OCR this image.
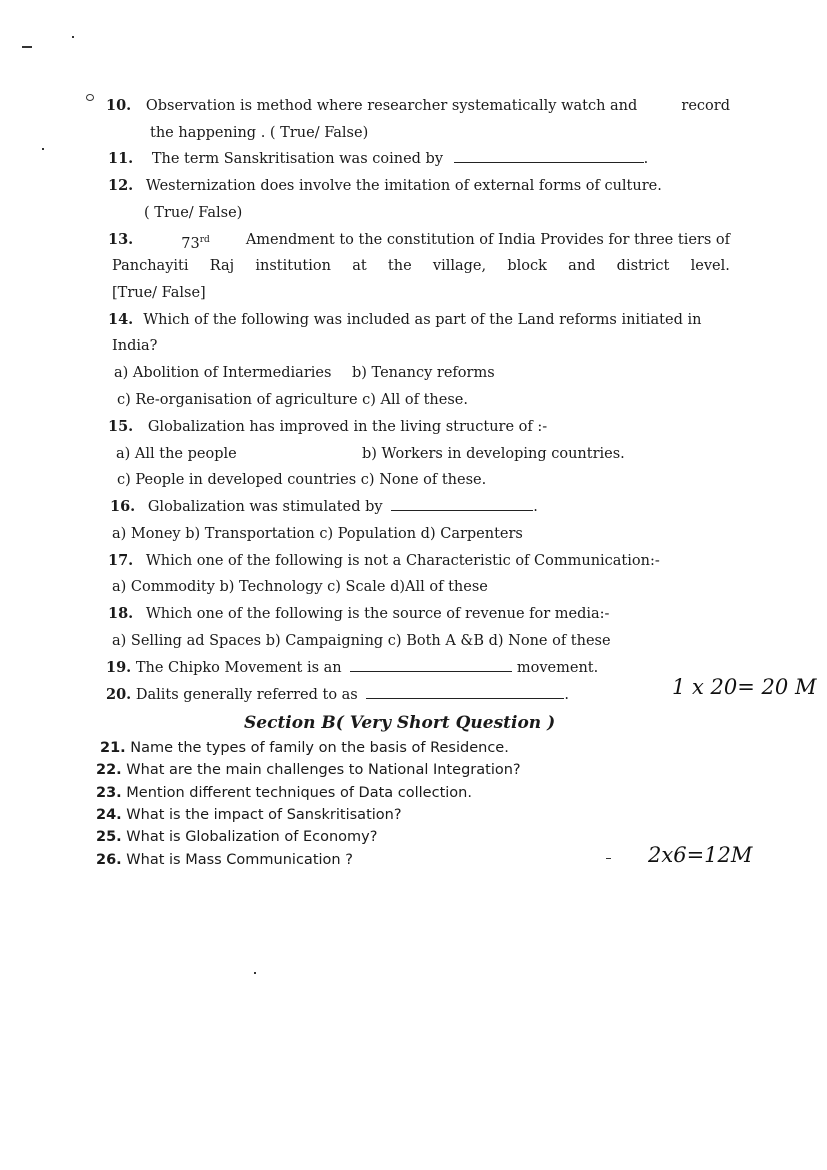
10. Observation is method where researcher systematically watch and	record
the happening . ( True/ False)
11. The term Sanskritisation was coined by	.
12. Westernization does involve the imitation of external forms of culture.
( True/ False)
13.	73rd Amendment to the constitution of India Provides for three tiers of
Panchayiti Raj institution at the village, block and district level.
[True/ False]
14. Which of the following was included as part of the Land reforms initiated in
India?
a) Abolition of Intermediaries b) Tenancy reforms
c) Re-organisation of agriculture c) All of these.
15. Globalization has improved in the living structure of :-
a) All the people	b) Workers in developing countries.
c) People in developed countries c) None of these.
16. Globalization was stimulated by	.
a) Money b) Transportation c) Population d) Carpenters
17. Which one of the following is not a Characteristic of Communication:-
a) Commodity b) Technology c) Scale d)All of these
18. Which one of the following is the source of revenue for media:-
a) Selling ad Spaces b) Campaigning c) Both A &B d) None of these
19. The Chipko Movement is an	movement.
20. Dalits generally referred to as	.	1 x 20= 20 M
Section B( Very Short Question )
21. Name the types of family on the basis of Residence.
22. What are the main challenges to National Integration?
23. Mention different techniques of Data collection.
24. What is the impact of Sanskritisation?
25. What is Globalization of Economy?
26. What is Mass Communication ?	2x6=12M
